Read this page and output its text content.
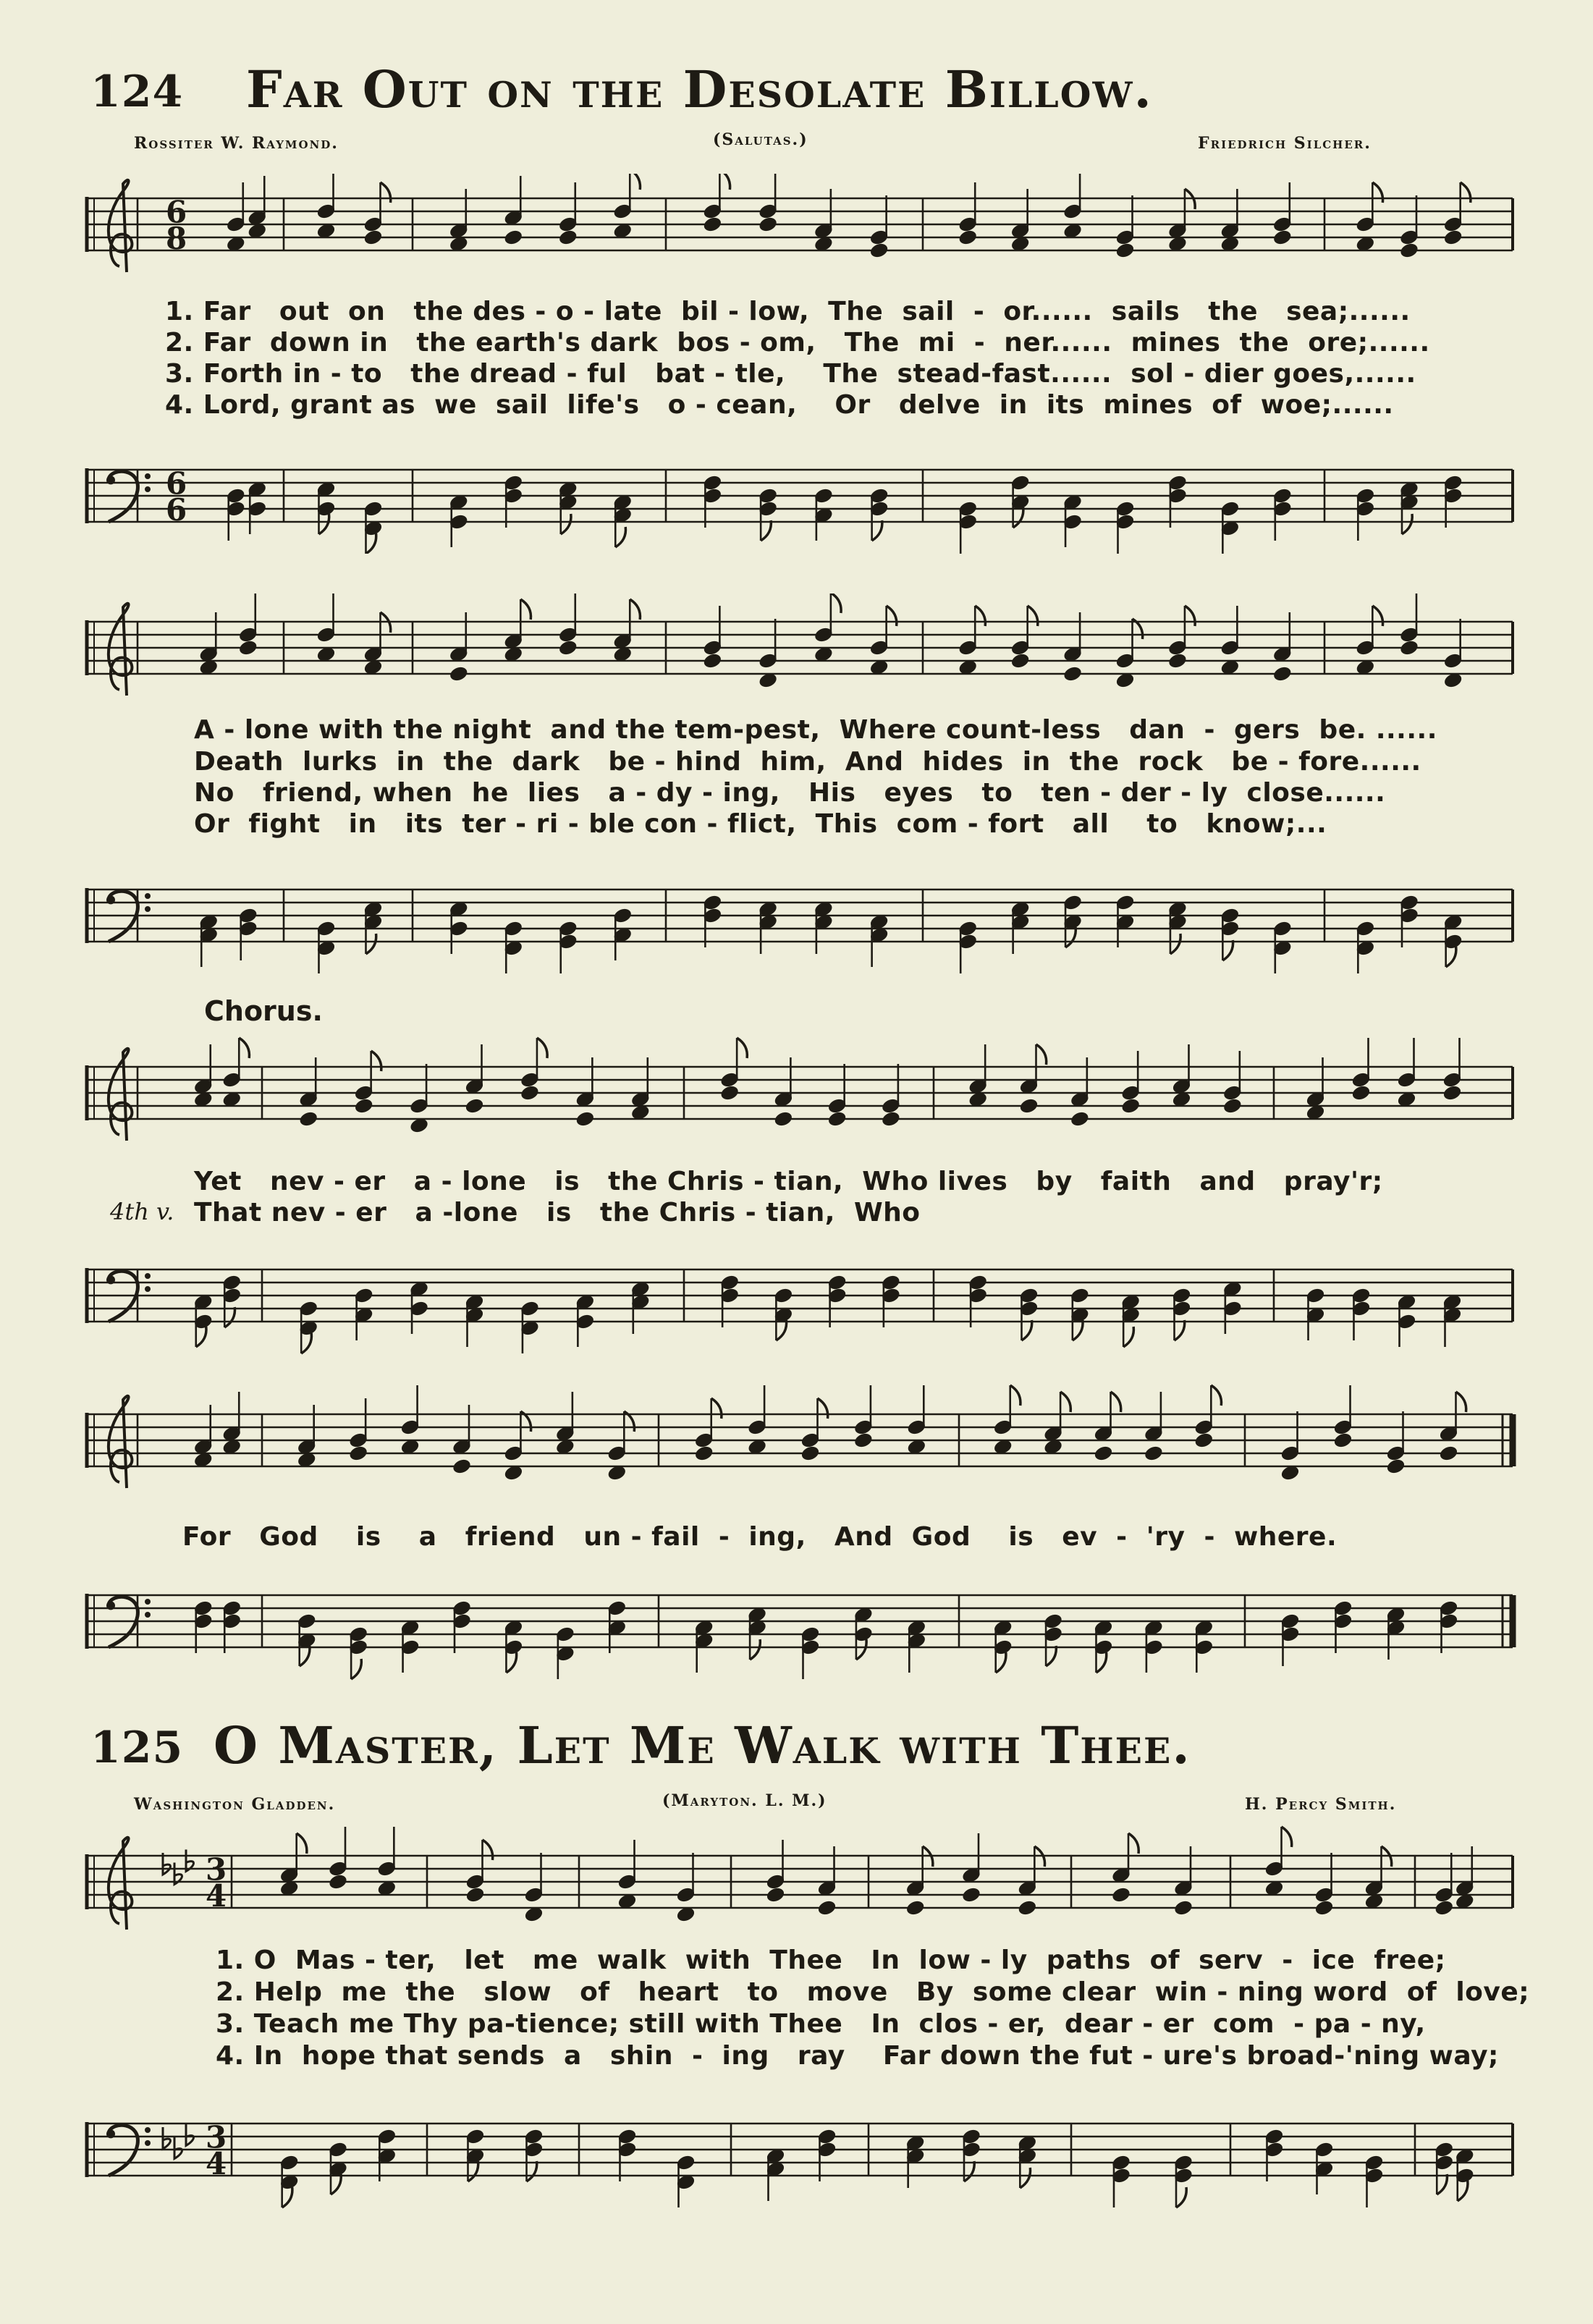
124 Far Out on the Desolate Billow.
Rossiter W. Raymond.	(Salutas.)	Friedrich Silcher.
6
8
1. Far   out  on   the des - o - late  bil - low,  The  sail  -  or......  sails   the   sea;......
2. Far  down in   the earth's dark  bos - om,   The  mi  -  ner......  mines  the  ore;......
3. Forth in - to   the dread - ful   bat - tle,    The  stead-fast......  sol - dier goes,......
4. Lord, grant as  we  sail  life's   o - cean,    Or   delve  in  its  mines  of  woe;......
6
6
A - lone with the night  and the tem-pest,  Where count-less   dan  -  gers  be. ......
Death  lurks  in  the  dark   be - hind  him,  And  hides  in  the  rock   be - fore......
No   friend, when  he  lies   a - dy - ing,   His   eyes   to   ten - der - ly  close......
Or  fight   in   its  ter - ri - ble con - flict,  This  com - fort   all    to   know;...
Chorus.
Yet   nev - er   a - lone   is   the Chris - tian,  Who lives   by   faith   and   pray'r;
4th v. That nev - er   a -lone   is   the Chris - tian,  Who
For   God    is    a   friend   un - fail  -  ing,   And  God    is   ev  -  'ry  -  where.
125 O Master, Let Me Walk with Thee.
Washington Gladden.	(Maryton. L. M.)	H. Percy Smith.
3
4
1. O  Mas - ter,   let   me  walk  with  Thee   In  low - ly  paths  of  serv  -  ice  free;
2. Help  me  the   slow   of   heart   to   move   By  some clear  win - ning word  of  love;
3. Teach me Thy pa-tience; still with Thee   In  clos - er,  dear - er  com  - pa - ny,
4. In  hope that sends  a   shin  -  ing   ray    Far down the fut - ure's broad-'ning way;
3
4
